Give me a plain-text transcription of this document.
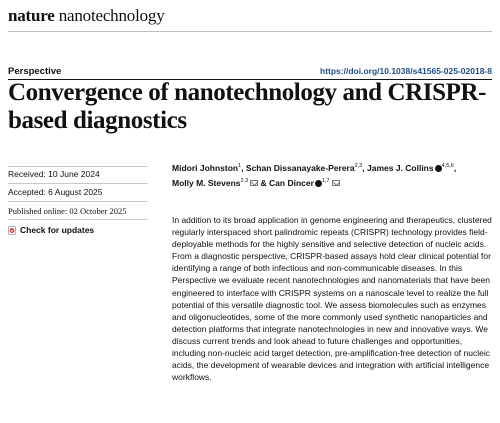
nature nanotechnology
Perspective	https://doi.org/10.1038/s41565-025-02018-8
Convergence of nanotechnology and CRISPR-based diagnostics
Received: 10 June 2024
Accepted: 6 August 2025
Published online: 02 October 2025
Check for updates
Midori Johnston$^1$, Schan Dissanayake-Perera$^{2,3}$, James J. Collins $^{4,5,6}$,
Molly M. Stevens$^{2,3}$ & Can Dincer $^{1,7}$

In addition to its broad application in genome engineering and therapeutics, clustered regularly interspaced short palindromic repeats (CRISPR) technology provides field-deployable methods for the highly sensitive and selective detection of nucleic acids. From a diagnostic perspective, CRISPR-based assays hold clear clinical potential for identifying a range of both infectious and non-communicable diseases. In this Perspective we evaluate recent nanotechnologies and nanomaterials that have been engineered to interface with CRISPR systems on a nanoscale level to realize the full potential of this versatile diagnostic tool. We assess biomolecules such as enzymes and oligonucleotides, some of the more commonly used synthetic nanoparticles and detection platforms that integrate nanotechnologies in new and innovative ways. We discuss current trends and look ahead to future challenges and opportunities, including non-nucleic acid target detection, pre-amplification-free detection of nucleic acids, the development of wearable devices and integration with artificial intelligence workflows.
